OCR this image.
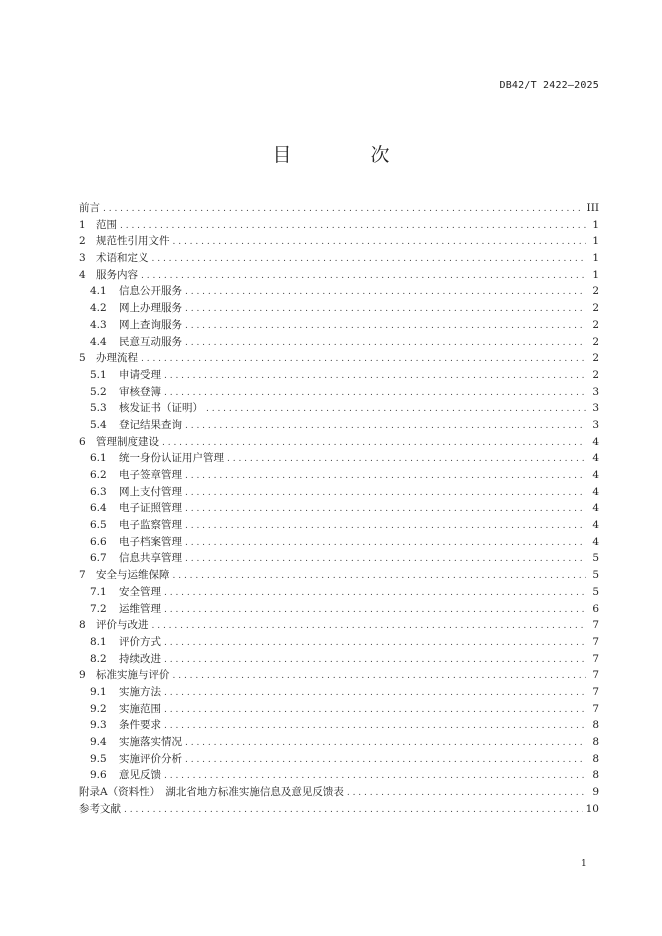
DB42/T 2422—2025
目　次
前言 . . .	III
1 范围 . . .	1
2 规范性引用文件 . . .	1
3 术语和定义 . . .	1
4 服务内容 . . .	1
4.1	信息公开服务 . . .	2
4.2	网上办理服务 . . .	2
4.3	网上查询服务 . . .	2
4.4	民意互动服务 . . .	2
5 办理流程 . . .	2
5.1	申请受理 . . .	2
5.2	审核登簿 . . .	3
5.3	核发证书（证明） . . .	3
5.4	登记结果查询 . . .	3
6 管理制度建设 . . .	4
6.1	统一身份认证用户管理 . . .	4
6.2	电子签章管理 . . .	4
6.3	网上支付管理 . . .	4
6.4	电子证照管理 . . .	4
6.5	电子监察管理 . . .	4
6.6	电子档案管理 . . .	4
6.7	信息共享管理 . . .	5
7 安全与运维保障 . . .	5
7.1	安全管理 . . .	5
7.2	运维管理 . . .	6
8 评价与改进 . . .	7
8.1	评价方式 . . .	7
8.2	持续改进 . . .	7
9 标准实施与评价 . . .	7
9.1	实施方法 . . .	7
9.2	实施范围 . . .	7
9.3	条件要求 . . .	8
9.4	实施落实情况 . . .	8
9.5	实施评价分析 . . .	8
9.6	意见反馈 . . .	8
附录A（资料性）　湖北省地方标准实施信息及意见反馈表 . . .	9
参考文献 . . .	10
1
